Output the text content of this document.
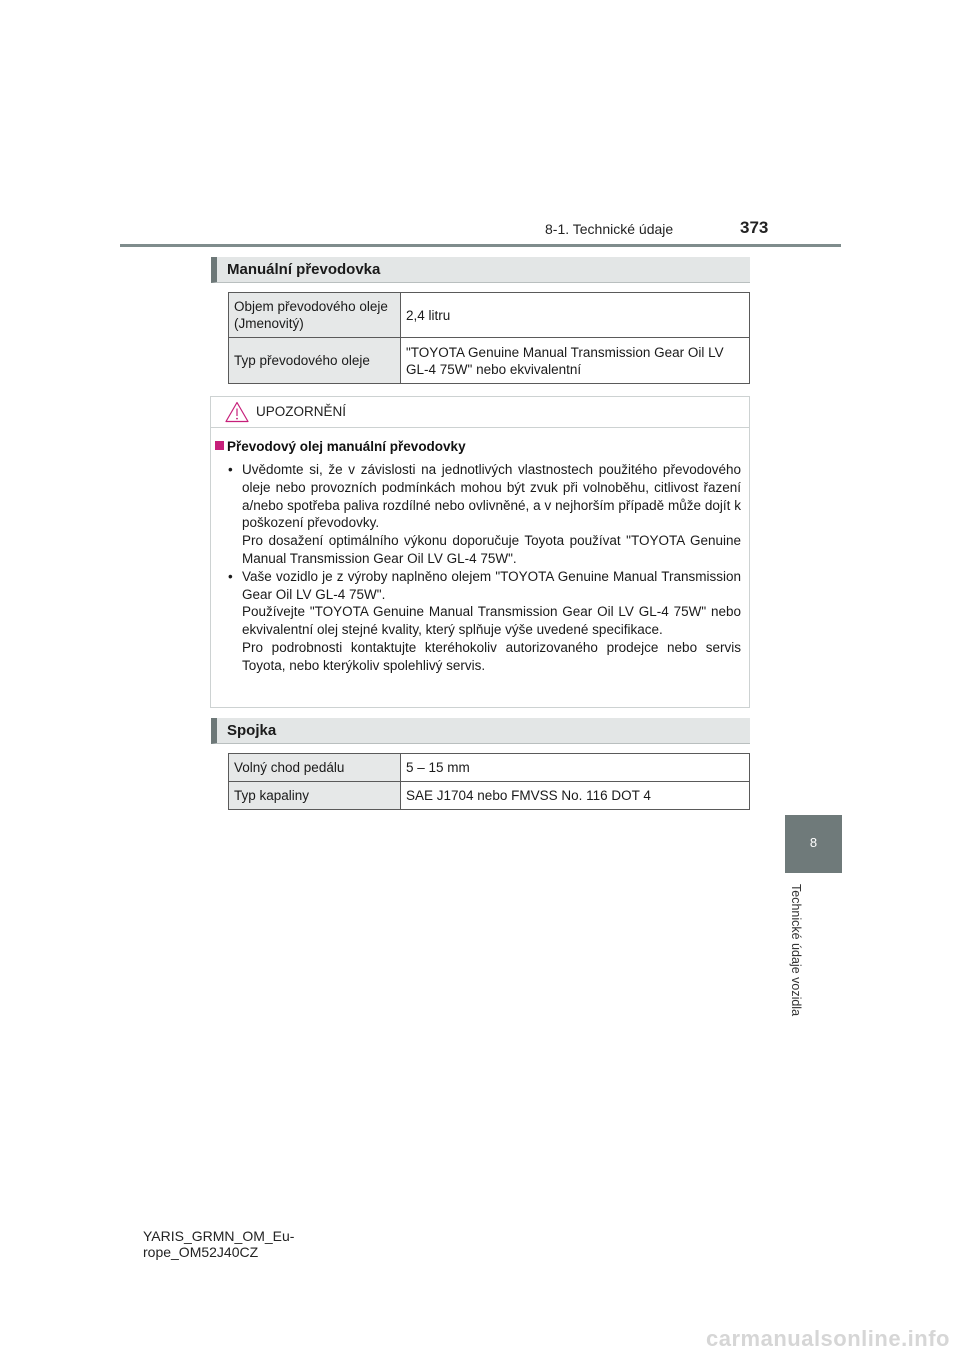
8-1. Technické údaje	373
Manuální převodovka
Objem převodového oleje (Jmenovitý)	2,4 litru
Typ převodového oleje	"TOYOTA Genuine Manual Transmission Gear Oil LV GL-4 75W" nebo ekvivalentní
UPOZORNĚNÍ
Převodový olej manuální převodovky
• Uvědomte si, že v závislosti na jednotlivých vlastnostech použitého převodového oleje nebo provozních podmínkách mohou být zvuk při volnoběhu, citlivost řazení a/nebo spotřeba paliva rozdílné nebo ovlivněné, a v nejhorším případě může dojít k poškození převodovky.

Pro dosažení optimálního výkonu doporučuje Toyota používat "TOYOTA Genuine Manual Transmission Gear Oil LV GL-4 75W".

• Vaše vozidlo je z výroby naplněno olejem "TOYOTA Genuine Manual Transmission Gear Oil LV GL-4 75W".

Používejte "TOYOTA Genuine Manual Transmission Gear Oil LV GL-4 75W" nebo ekvivalentní olej stejné kvality, který splňuje výše uvedené specifikace.

Pro podrobnosti kontaktujte kteréhokoliv autorizovaného prodejce nebo servis Toyota, nebo kterýkoliv spolehlivý servis.

Spojka
Volný chod pedálu	5 – 15 mm
Typ kapaliny	SAE J1704 nebo FMVSS No. 116 DOT 4
8
Technické údaje vozidla
YARIS_GRMN_OM_Eu-
rope_OM52J40CZ
carmanualsonline.info
